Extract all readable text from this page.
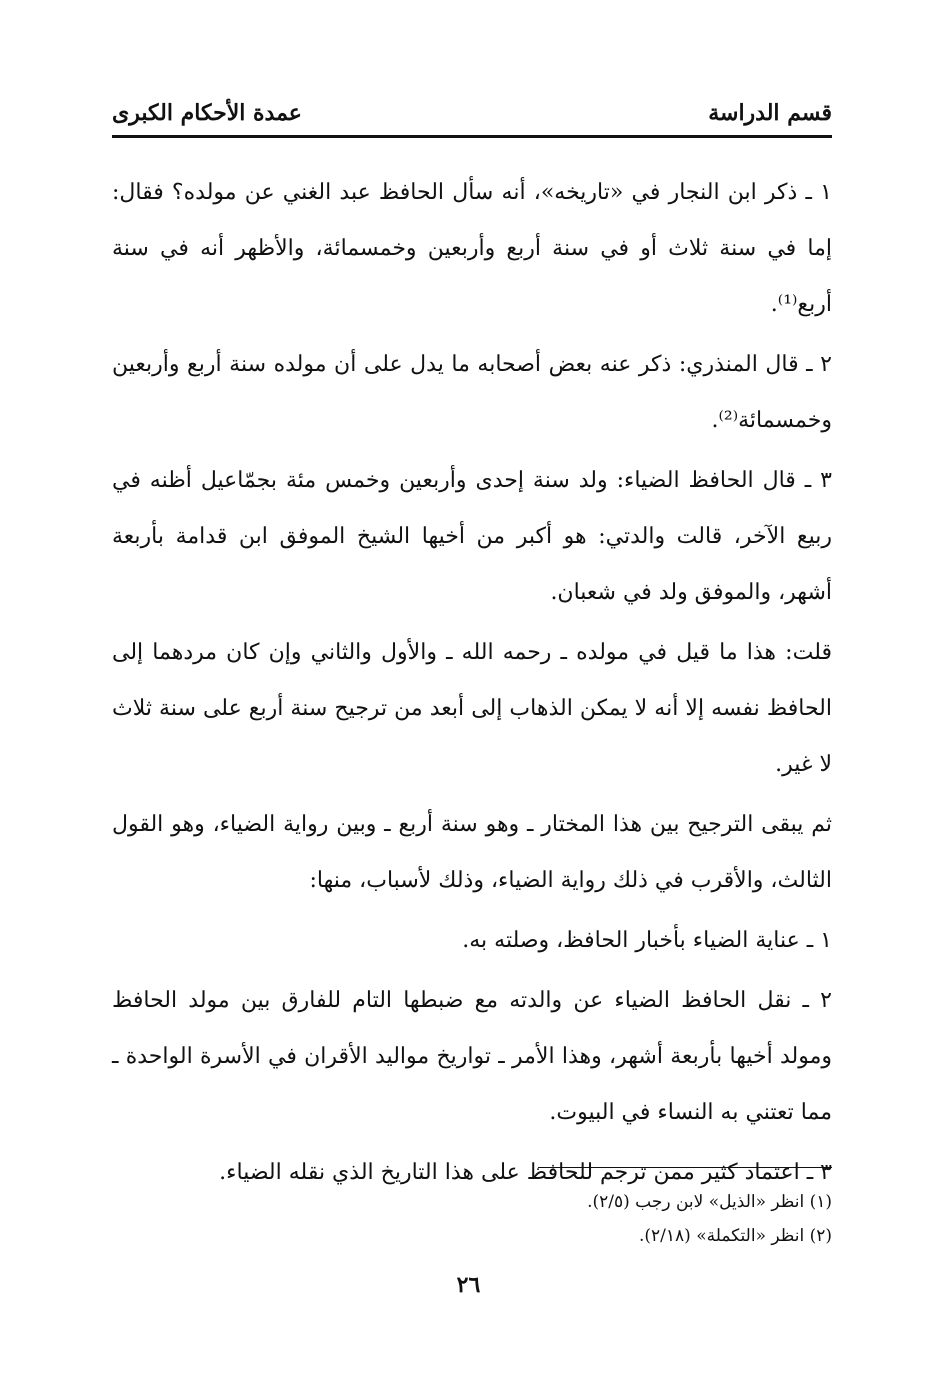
قسم الدراسة
عمدة الأحكام الكبرى

١ ـ ذكر ابن النجار في «تاريخه»، أنه سأل الحافظ عبد الغني عن مولده؟ فقال: إما في سنة ثلاث أو في سنة أربع وأربعين وخمسمائة، والأظهر أنه في سنة أربع⁽¹⁾.

٢ ـ قال المنذري: ذكر عنه بعض أصحابه ما يدل على أن مولده سنة أربع وأربعين وخمسمائة⁽²⁾.

٣ ـ قال الحافظ الضياء: ولد سنة إحدى وأربعين وخمس مئة بجمّاعيل أظنه في ربيع الآخر، قالت والدتي: هو أكبر من أخيها الشيخ الموفق ابن قدامة بأربعة أشهر، والموفق ولد في شعبان.

قلت: هذا ما قيل في مولده ـ رحمه الله ـ والأول والثاني وإن كان مردهما إلى الحافظ نفسه إلا أنه لا يمكن الذهاب إلى أبعد من ترجيح سنة أربع على سنة ثلاث لا غير.

ثم يبقى الترجيح بين هذا المختار ـ وهو سنة أربع ـ وبين رواية الضياء، وهو القول الثالث، والأقرب في ذلك رواية الضياء، وذلك لأسباب، منها:

١ ـ عناية الضياء بأخبار الحافظ، وصلته به.

٢ ـ نقل الحافظ الضياء عن والدته مع ضبطها التام للفارق بين مولد الحافظ ومولد أخيها بأربعة أشهر، وهذا الأمر ـ تواريخ مواليد الأقران في الأسرة الواحدة ـ مما تعتني به النساء في البيوت.

٣ ـ اعتماد كثير ممن ترجم للحافظ على هذا التاريخ الذي نقله الضياء.

(١) انظر «الذيل» لابن رجب (٢/٥).
(٢) انظر «التكملة» (٢/١٨).
٢٦
